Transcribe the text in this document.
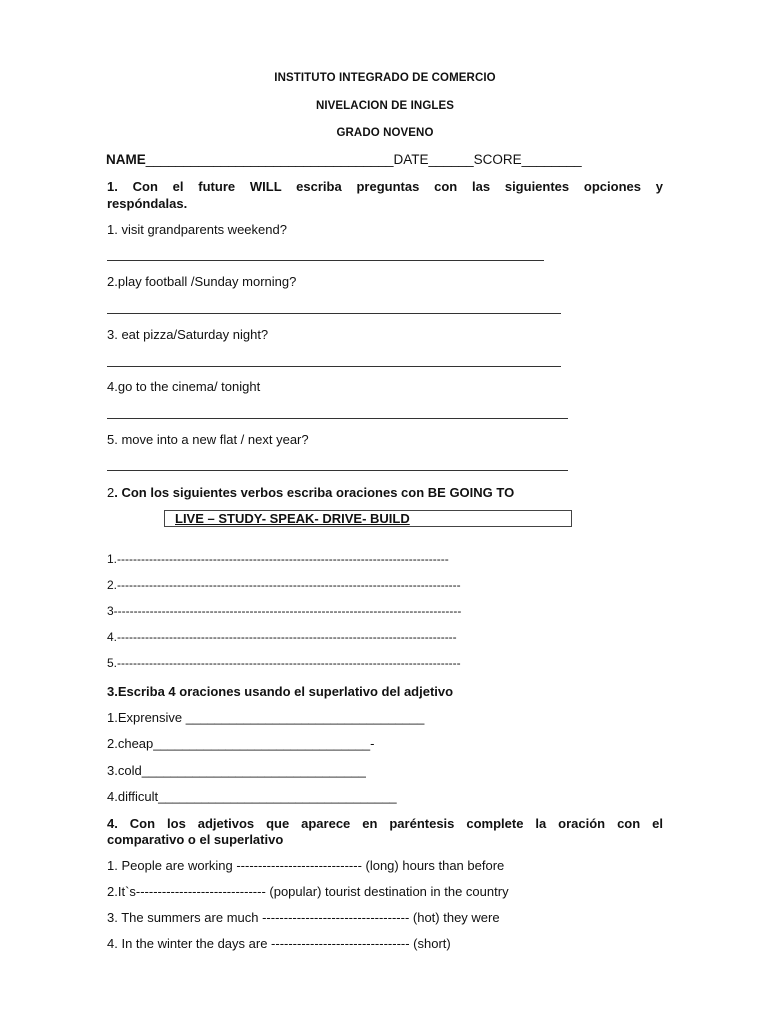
INSTITUTO INTEGRADO DE COMERCIO
NIVELACION DE INGLES
GRADO NOVENO
NAME_________________________________DATE______SCORE________
1. Con el future WILL escriba preguntas con las siguientes opciones y
respóndalas.
1. visit grandparents weekend?
2.play football /Sunday morning?
3. eat pizza/Saturday night?
4.go to the cinema/ tonight
5. move into a new flat / next year?
2. Con los siguientes verbos escriba oraciones con BE GOING TO
LIVE – STUDY- SPEAK- DRIVE- BUILD
1.-----------------------------------------------------------------------------------
2.--------------------------------------------------------------------------------------
3---------------------------------------------------------------------------------------
4.-------------------------------------------------------------------------------------
5.--------------------------------------------------------------------------------------
3.Escriba 4 oraciones usando el superlativo del adjetivo
1.Exprensive _________________________________
2.cheap______________________________-
3.cold_______________________________
4.difficult_________________________________
4. Con los adjetivos que aparece en paréntesis complete la oración con el
comparativo o el superlativo
1. People are working ----------------------------- (long) hours than before
2.It`s------------------------------ (popular) tourist destination in the country
3. The summers are much ---------------------------------- (hot) they were
4. In the winter the days are -------------------------------- (short)
